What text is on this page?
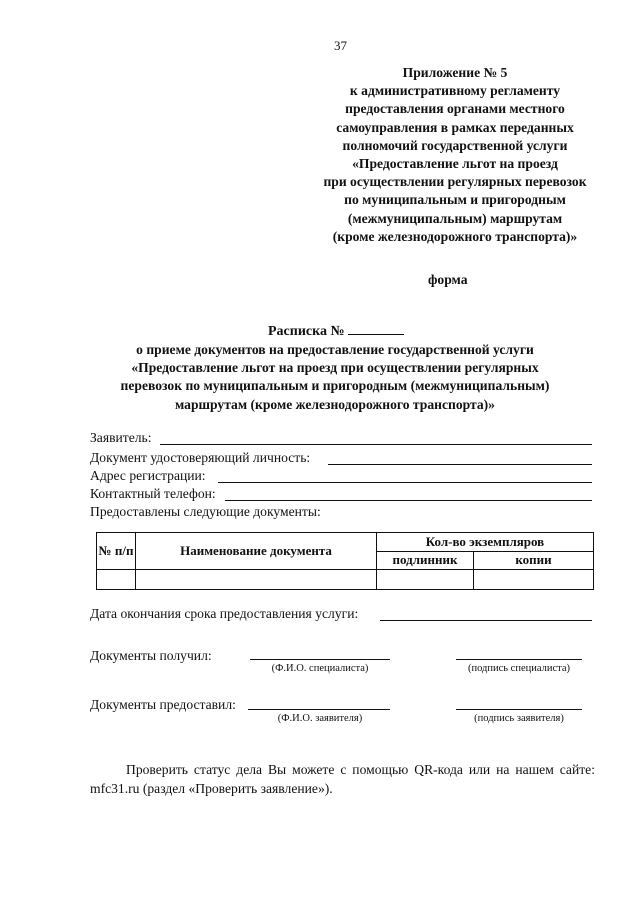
37
Приложение № 5
к административному регламенту
предоставления органами местного
самоуправления в рамках переданных
полномочий государственной услуги
«Предоставление льгот на проезд
при осуществлении регулярных перевозок
по муниципальным и пригородным
(межмуниципальным) маршрутам
(кроме железнодорожного транспорта)»
форма
Расписка №
о приеме документов на предоставление государственной услуги
«Предоставление льгот на проезд при осуществлении регулярных
перевозок по муниципальным и пригородным (межмуниципальным)
маршрутам (кроме железнодорожного транспорта)»
Заявитель:
Документ удостоверяющий личность:
Адрес регистрации:
Контактный телефон:
Предоставлены следующие документы:
№ п/п	Наименование документа	Кол-во экземпляров	
		подлинник	копии

Дата окончания срока предоставления услуги:
Документы получил:
(Ф.И.О. специалиста)	(подпись специалиста)
Документы предоставил:
(Ф.И.О. заявителя)	(подпись заявителя)
Проверить статус дела Вы можете с помощью QR-кода или на нашем сайте: mfc31.ru (раздел «Проверить заявление»).
